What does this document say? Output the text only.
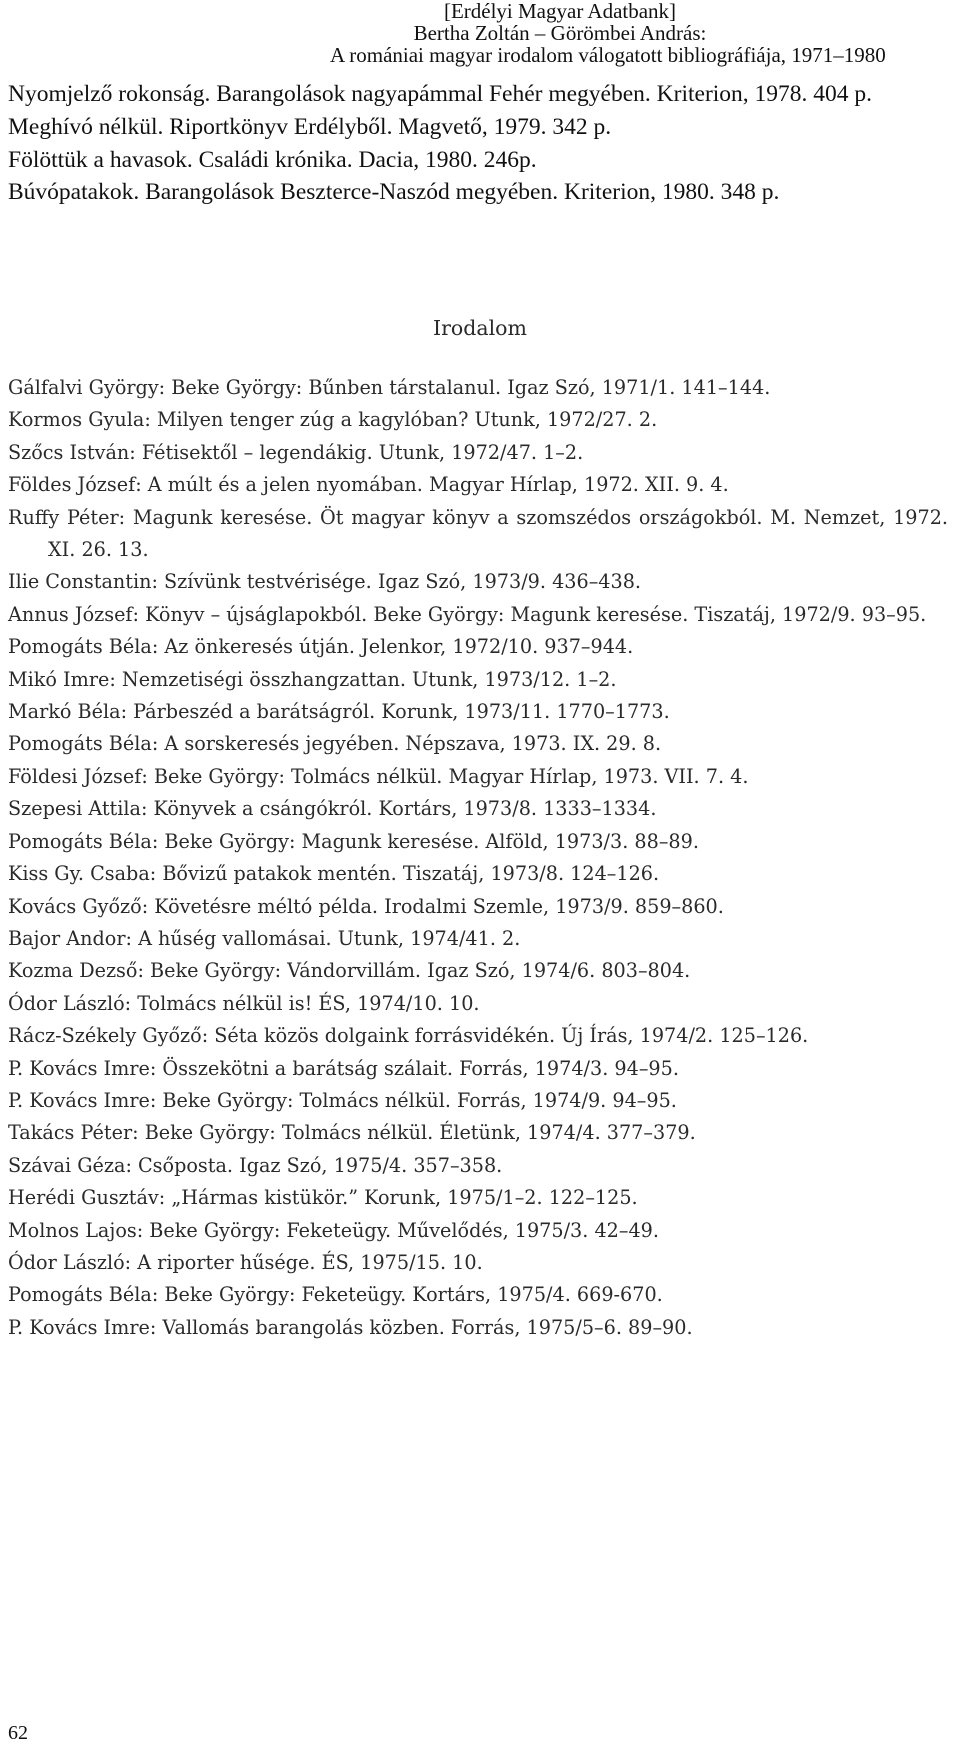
[Erdélyi Magyar Adatbank]
Bertha Zoltán – Görömbei András:
A romániai magyar irodalom válogatott bibliográfiája, 1971–1980
Nyomjelző rokonság. Barangolások nagyapámmal Fehér megyében. Kriterion, 1978. 404 p.
Meghívó nélkül. Riportkönyv Erdélyből. Magvető, 1979. 342 p.
Fölöttük a havasok. Családi krónika. Dacia, 1980. 246p.
Búvópatakok. Barangolások Beszterce-Naszód megyében. Kriterion, 1980. 348 p.
Irodalom
Gálfalvi György: Beke György: Bűnben társtalanul. Igaz Szó, 1971/1. 141–144.
Kormos Gyula: Milyen tenger zúg a kagylóban? Utunk, 1972/27. 2.
Szőcs István: Fétisektől – legendákig. Utunk, 1972/47. 1–2.
Földes József: A múlt és a jelen nyomában. Magyar Hírlap, 1972. XII. 9. 4.
Ruffy Péter: Magunk keresése. Öt magyar könyv a szomszédos országokból. M. Nemzet, 1972. XI. 26. 13.
Ilie Constantin: Szívünk testvérisége. Igaz Szó, 1973/9. 436–438.
Annus József: Könyv – újságlapokból. Beke György: Magunk keresése. Tiszatáj, 1972/9. 93–95.
Pomogáts Béla: Az önkeresés útján. Jelenkor, 1972/10. 937–944.
Mikó Imre: Nemzetiségi összhangzattan. Utunk, 1973/12. 1–2.
Markó Béla: Párbeszéd a barátságról. Korunk, 1973/11. 1770–1773.
Pomogáts Béla: A sorskeresés jegyében. Népszava, 1973. IX. 29. 8.
Földesi József: Beke György: Tolmács nélkül. Magyar Hírlap, 1973. VII. 7. 4.
Szepesi Attila: Könyvek a csángókról. Kortárs, 1973/8. 1333–1334.
Pomogáts Béla: Beke György: Magunk keresése. Alföld, 1973/3. 88–89.
Kiss Gy. Csaba: Bővizű patakok mentén. Tiszatáj, 1973/8. 124–126.
Kovács Győző: Követésre méltó példa. Irodalmi Szemle, 1973/9. 859–860.
Bajor Andor: A hűség vallomásai. Utunk, 1974/41. 2.
Kozma Dezső: Beke György: Vándorvillám. Igaz Szó, 1974/6. 803–804.
Ódor László: Tolmács nélkül is! ÉS, 1974/10. 10.
Rácz-Székely Győző: Séta közös dolgaink forrásvidékén. Új Írás, 1974/2. 125–126.
P. Kovács Imre: Összekötni a barátság szálait. Forrás, 1974/3. 94–95.
P. Kovács Imre: Beke György: Tolmács nélkül. Forrás, 1974/9. 94–95.
Takács Péter: Beke György: Tolmács nélkül. Életünk, 1974/4. 377–379.
Szávai Géza: Csőposta. Igaz Szó, 1975/4. 357–358.
Herédi Gusztáv: „Hármas kistükör.” Korunk, 1975/1–2. 122–125.
Molnos Lajos: Beke György: Feketeügy. Művelődés, 1975/3. 42–49.
Ódor László: A riporter hűsége. ÉS, 1975/15. 10.
Pomogáts Béla: Beke György: Feketeügy. Kortárs, 1975/4. 669-670.
P. Kovács Imre: Vallomás barangolás közben. Forrás, 1975/5–6. 89–90.
62
